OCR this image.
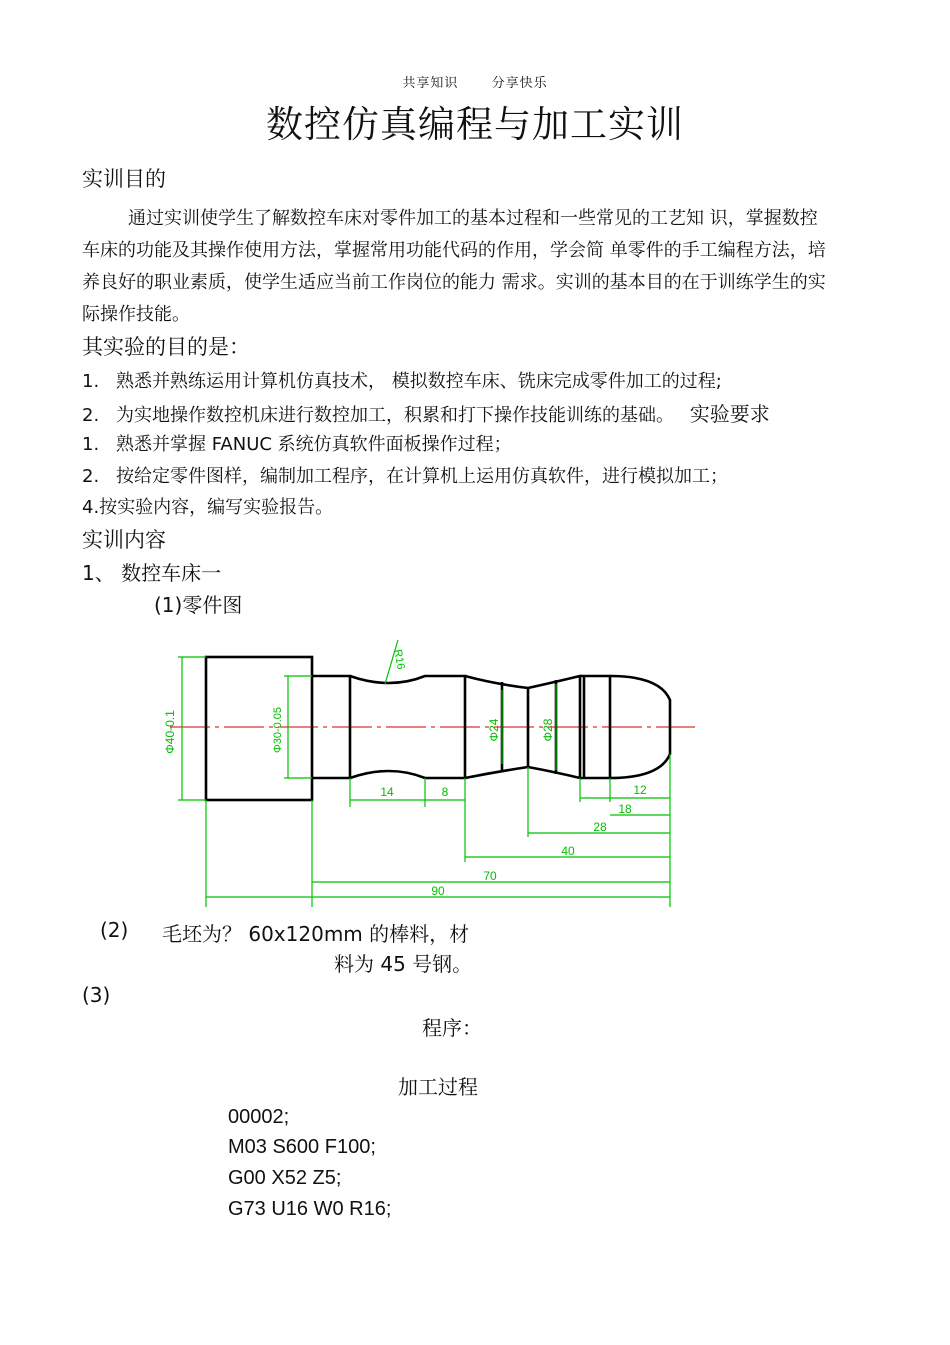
共享知识	分享快乐
数控仿真编程与加工实训
实训目的
通过实训使学生了解数控车床对零件加工的基本过程和一些常见的工艺知 识，掌握数控车床的功能及其操作使用方法，掌握常用功能代码的作用，学会简 单零件的手工编程方法，培养良好的职业素质，使学生适应当前工作岗位的能力 需求。实训的基本目的在于训练学生的实际操作技能。
其实验的目的是：
1. 熟悉并熟练运用计算机仿真技术， 模拟数控车床、铣床完成零件加工的过程;
2. 为实地操作数控机床进行数控加工，积累和打下操作技能训练的基础。 实验要求
1. 熟悉并掌握 FANUC 系统仿真软件面板操作过程；
2. 按给定零件图样，编制加工程序，在计算机上运用仿真软件，进行模拟加工；
4.按实验内容，编写实验报告。
实训内容
1、 数控车床一
(1)零件图
Φ40-0.1	Φ30-0.05	Φ24	Φ28
R16
14	8	12
18
28
40
70
90
(2) 毛坯为？ 60x120mm 的棒料，材
料为 45 号钢。
(3)
程序：
加工过程
00002;
M03 S600 F100;
G00 X52 Z5;
G73 U16 W0 R16;
